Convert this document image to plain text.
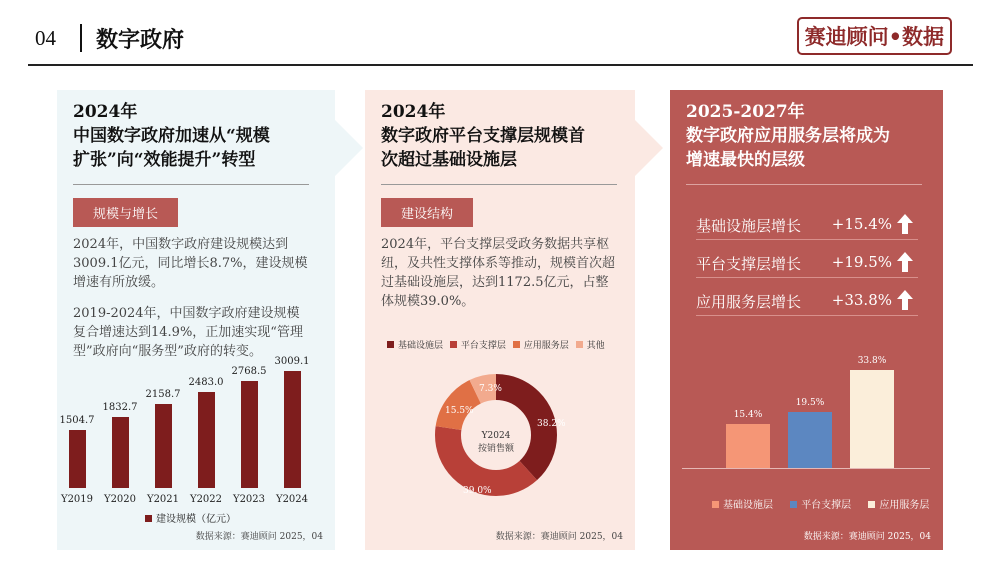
04 数字政府	赛迪顾问•数据
2024年
中国数字政府加速从“规模
扩张”向“效能提升”转型
规模与增长
2024年，中国数字政府建设规模达到3009.1亿元，同比增长8.7%，建设规模增速有所放缓。
2019-2024年，中国数字政府建设规模复合增速达到14.9%，正加速实现“管理型”政府向“服务型”政府的转变。
1504.7
Y2019
1832.7
Y2020
2158.7
Y2021
2483.0
Y2022
2768.5
Y2023
3009.1
Y2024
建设规模（亿元）
数据来源：赛迪顾问 2025，04
2024年
数字政府平台支撑层规模首
次超过基础设施层
建设结构
2024年，平台支撑层受政务数据共享枢纽，及共性支撑体系等推动，规模首次超过基础设施层，达到1172.5亿元，占整体规模39.0%。
基础设施层 平台支撑层 应用服务层 其他
Y2024
按销售额
38.2%
39.0%
15.5%
7.3%
数据来源：赛迪顾问 2025，04
2025-2027年
数字政府应用服务层将成为
增速最快的层级
基础设施层增长 +15.4%
平台支撑层增长 +19.5%
应用服务层增长 +33.8%
15.4%
19.5%
33.8%
基础设施层	平台支撑层	应用服务层
数据来源：赛迪顾问 2025，04
